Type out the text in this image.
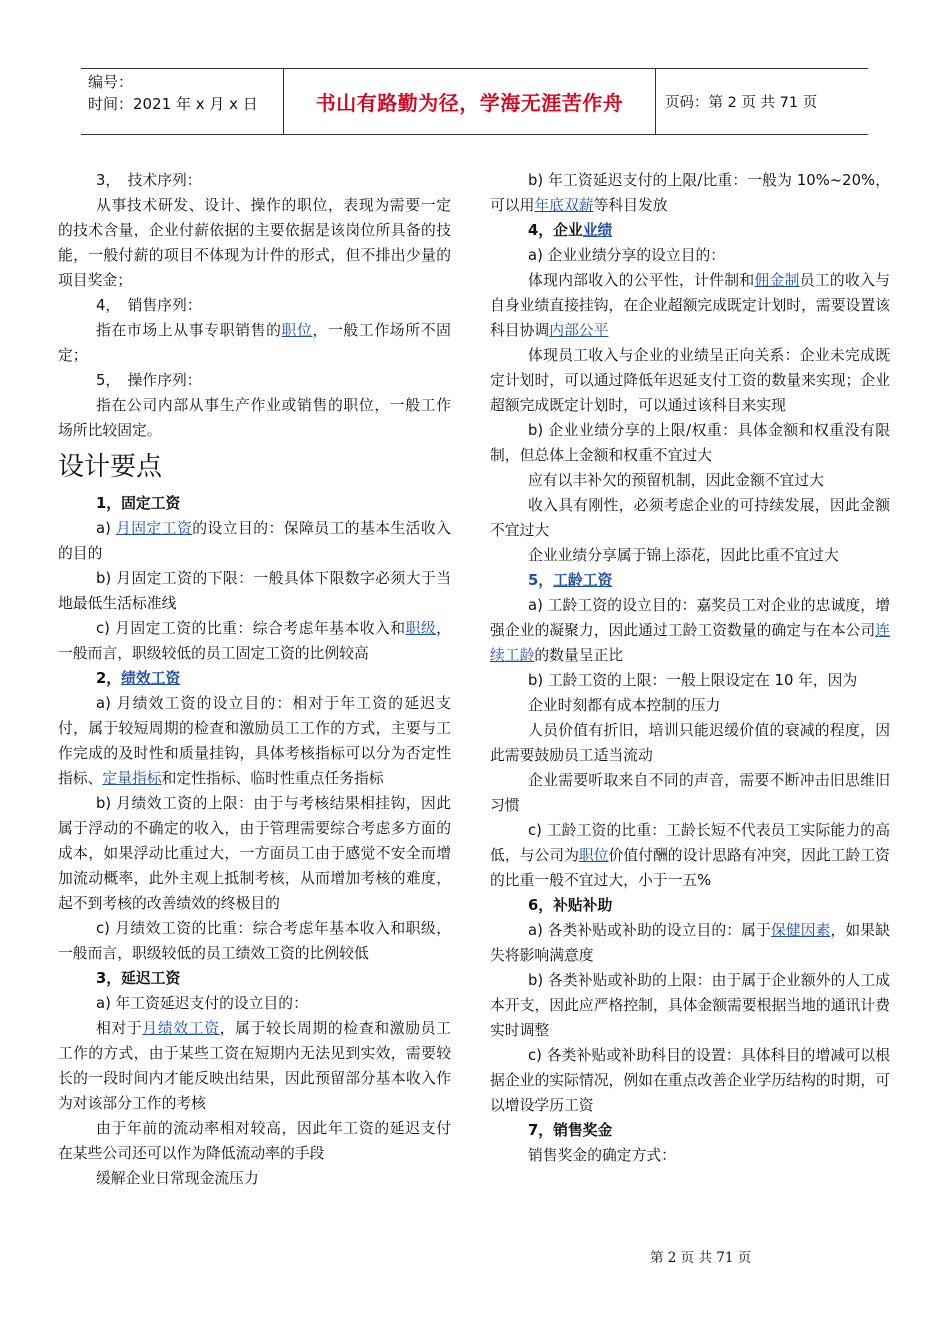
编号：
时间：2021 年 x 月 x 日	书山有路勤为径，学海无涯苦作舟	页码：第 2 页 共 71 页

3，　技术序列：

从事技术研发、设计、操作的职位，表现为需要一定的技术含量，企业付薪依据的主要依据是该岗位所具备的技能，一般付薪的项目不体现为计件的形式，但不排出少量的项目奖金；

4，　销售序列：

指在市场上从事专职销售的职位，一般工作场所不固定；

5，　操作序列：

指在公司内部从事生产作业或销售的职位，一般工作场所比较固定。

设计要点

1，固定工资

a) 月固定工资的设立目的：保障员工的基本生活收入的目的

b) 月固定工资的下限：一般具体下限数字必须大于当地最低生活标准线

c) 月固定工资的比重：综合考虑年基本收入和职级，一般而言，职级较低的员工固定工资的比例较高

2，绩效工资

a) 月绩效工资的设立目的：相对于年工资的延迟支付，属于较短周期的检查和激励员工工作的方式，主要与工作完成的及时性和质量挂钩，具体考核指标可以分为否定性指标、定量指标和定性指标、临时性重点任务指标

b) 月绩效工资的上限：由于与考核结果相挂钩，因此属于浮动的不确定的收入，由于管理需要综合考虑多方面的成本，如果浮动比重过大，一方面员工由于感觉不安全而增加流动概率，此外主观上抵制考核，从而增加考核的难度，起不到考核的改善绩效的终极目的

c) 月绩效工资的比重：综合考虑年基本收入和职级，一般而言，职级较低的员工绩效工资的比例较低

3，延迟工资

a) 年工资延迟支付的设立目的：

相对于月绩效工资，属于较长周期的检查和激励员工工作的方式，由于某些工资在短期内无法见到实效，需要较长的一段时间内才能反映出结果，因此预留部分基本收入作为对该部分工作的考核

由于年前的流动率相对较高，因此年工资的延迟支付在某些公司还可以作为降低流动率的手段

缓解企业日常现金流压力

b) 年工资延迟支付的上限/比重：一般为 10%~20%，可以用年底双薪等科目发放

4，企业业绩

a) 企业业绩分享的设立目的：

体现内部收入的公平性，计件制和佣金制员工的收入与自身业绩直接挂钩，在企业超额完成既定计划时，需要设置该科目协调内部公平

体现员工收入与企业的业绩呈正向关系：企业未完成既定计划时，可以通过降低年迟延支付工资的数量来实现；企业超额完成既定计划时，可以通过该科目来实现

b) 企业业绩分享的上限/权重：具体金额和权重没有限制，但总体上金额和权重不宜过大

应有以丰补欠的预留机制，因此金额不宜过大

收入具有刚性，必须考虑企业的可持续发展，因此金额不宜过大

企业业绩分享属于锦上添花，因此比重不宜过大

5，工龄工资

a) 工龄工资的设立目的：嘉奖员工对企业的忠诚度，增强企业的凝聚力，因此通过工龄工资数量的确定与在本公司连续工龄的数量呈正比

b) 工龄工资的上限：一般上限设定在 10 年，因为

企业时刻都有成本控制的压力

人员价值有折旧，培训只能迟缓价值的衰减的程度，因此需要鼓励员工适当流动

企业需要听取来自不同的声音，需要不断冲击旧思维旧习惯

c) 工龄工资的比重：工龄长短不代表员工实际能力的高低，与公司为职位价值付酬的设计思路有冲突，因此工龄工资的比重一般不宜过大，小于一五%

6，补贴补助

a) 各类补贴或补助的设立目的：属于保健因素，如果缺失将影响满意度

b) 各类补贴或补助的上限：由于属于企业额外的人工成本开支，因此应严格控制，具体金额需要根据当地的通讯计费实时调整

c) 各类补贴或补助科目的设置：具体科目的增减可以根据企业的实际情况，例如在重点改善企业学历结构的时期，可以增设学历工资

7，销售奖金

销售奖金的确定方式：

第 2 页 共 71 页
